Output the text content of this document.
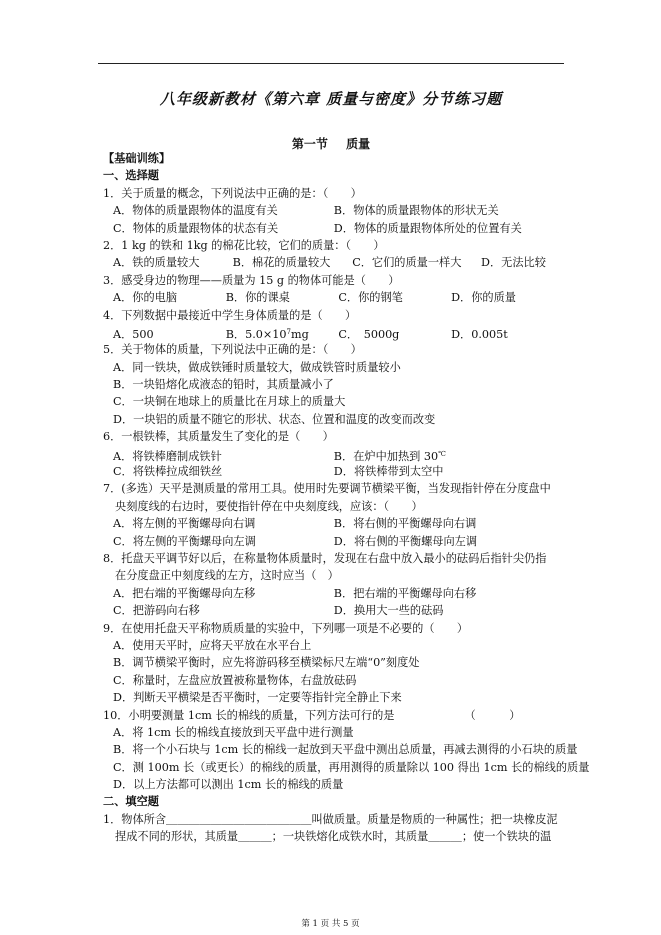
八年级新教材《第六章 质量与密度》分节练习题
第一节 质量
【基础训练】
一、选择题
1．关于质量的概念，下列说法中正确的是：（　　）
A．物体的质量跟物体的温度有关	B．物体的质量跟物体的形状无关
C．物体的质量跟物体的状态有关	D．物体的质量跟物体所处的位置有关
2．1 kg 的铁和 1kg 的棉花比较，它们的质量：（　　）
A．铁的质量较大	B．棉花的质量较大 C．它们的质量一样大 D．无法比较
3．感受身边的物理——质量为 15 g 的物体可能是（　　）
A．你的电脑	B．你的课桌	C．你的钢笔	D．你的质量
4．下列数据中最接近中学生身体质量的是（　　）
A．500	B．$5.0\times 10^7mg$	C．　5000g	D．0.005t
5．关于物体的质量，下列说法中正确的是：（　　）
A．同一铁块，做成铁锤时质量较大，做成铁管时质量较小
B．一块铅熔化成液态的铅时，其质量减小了
C．一块铜在地球上的质量比在月球上的质量大
D．一块铝的质量不随它的形状、状态、位置和温度的改变而改变
6．一根铁棒，其质量发生了变化的是（　　）
A．将铁棒磨制成铁针	B．在炉中加热到 30℃
C．将铁棒拉成细铁丝	D．将铁棒带到太空中
7．(多选）天平是测质量的常用工具。使用时先要调节横梁平衡，当发现指针停在分度盘中
央刻度线的右边时，要使指针停在中央刻度线，应该：（　　）
A．将左侧的平衡螺母向右调	B．将右侧的平衡螺母向右调
C．将左侧的平衡螺母向左调	D．将右侧的平衡螺母向左调
8．托盘天平调节好以后，在称量物体质量时，发现在右盘中放入最小的砝码后指针尖仍指
在分度盘正中刻度线的左方，这时应当（　）
A．把右端的平衡螺母向左移	B．把右端的平衡螺母向右移
C．把游码向右移	D．换用大一些的砝码
9．在使用托盘天平称物质质量的实验中，下列哪一项是不必要的（　　）
A．使用天平时，应将天平放在水平台上
B．调节横梁平衡时，应先将游码移至横梁标尺左端“0”刻度处
C．称量时，左盘应放置被称量物体，右盘放砝码
D．判断天平横梁是否平衡时，一定要等指针完全静止下来
10．小明要测量 1cm 长的棉线的质量，下列方法可行的是	（　　　）
A．将 1cm 长的棉线直接放到天平盘中进行测量
B．将一个小石块与 1cm 长的棉线一起放到天平盘中测出总质量，再减去测得的小石块的质量
C．测 100m 长（或更长）的棉线的质量，再用测得的质量除以 100 得出 1cm 长的棉线的质量
D．以上方法都可以测出 1cm 长的棉线的质量
二、填空题
1．物体所含＿＿＿＿＿＿＿＿＿＿＿＿＿叫做质量。质量是物质的一种属性；把一块橡皮泥
捏成不同的形状，其质量＿＿＿；一块铁熔化成铁水时，其质量＿＿＿；使一个铁块的温
第 1 页 共 5 页
